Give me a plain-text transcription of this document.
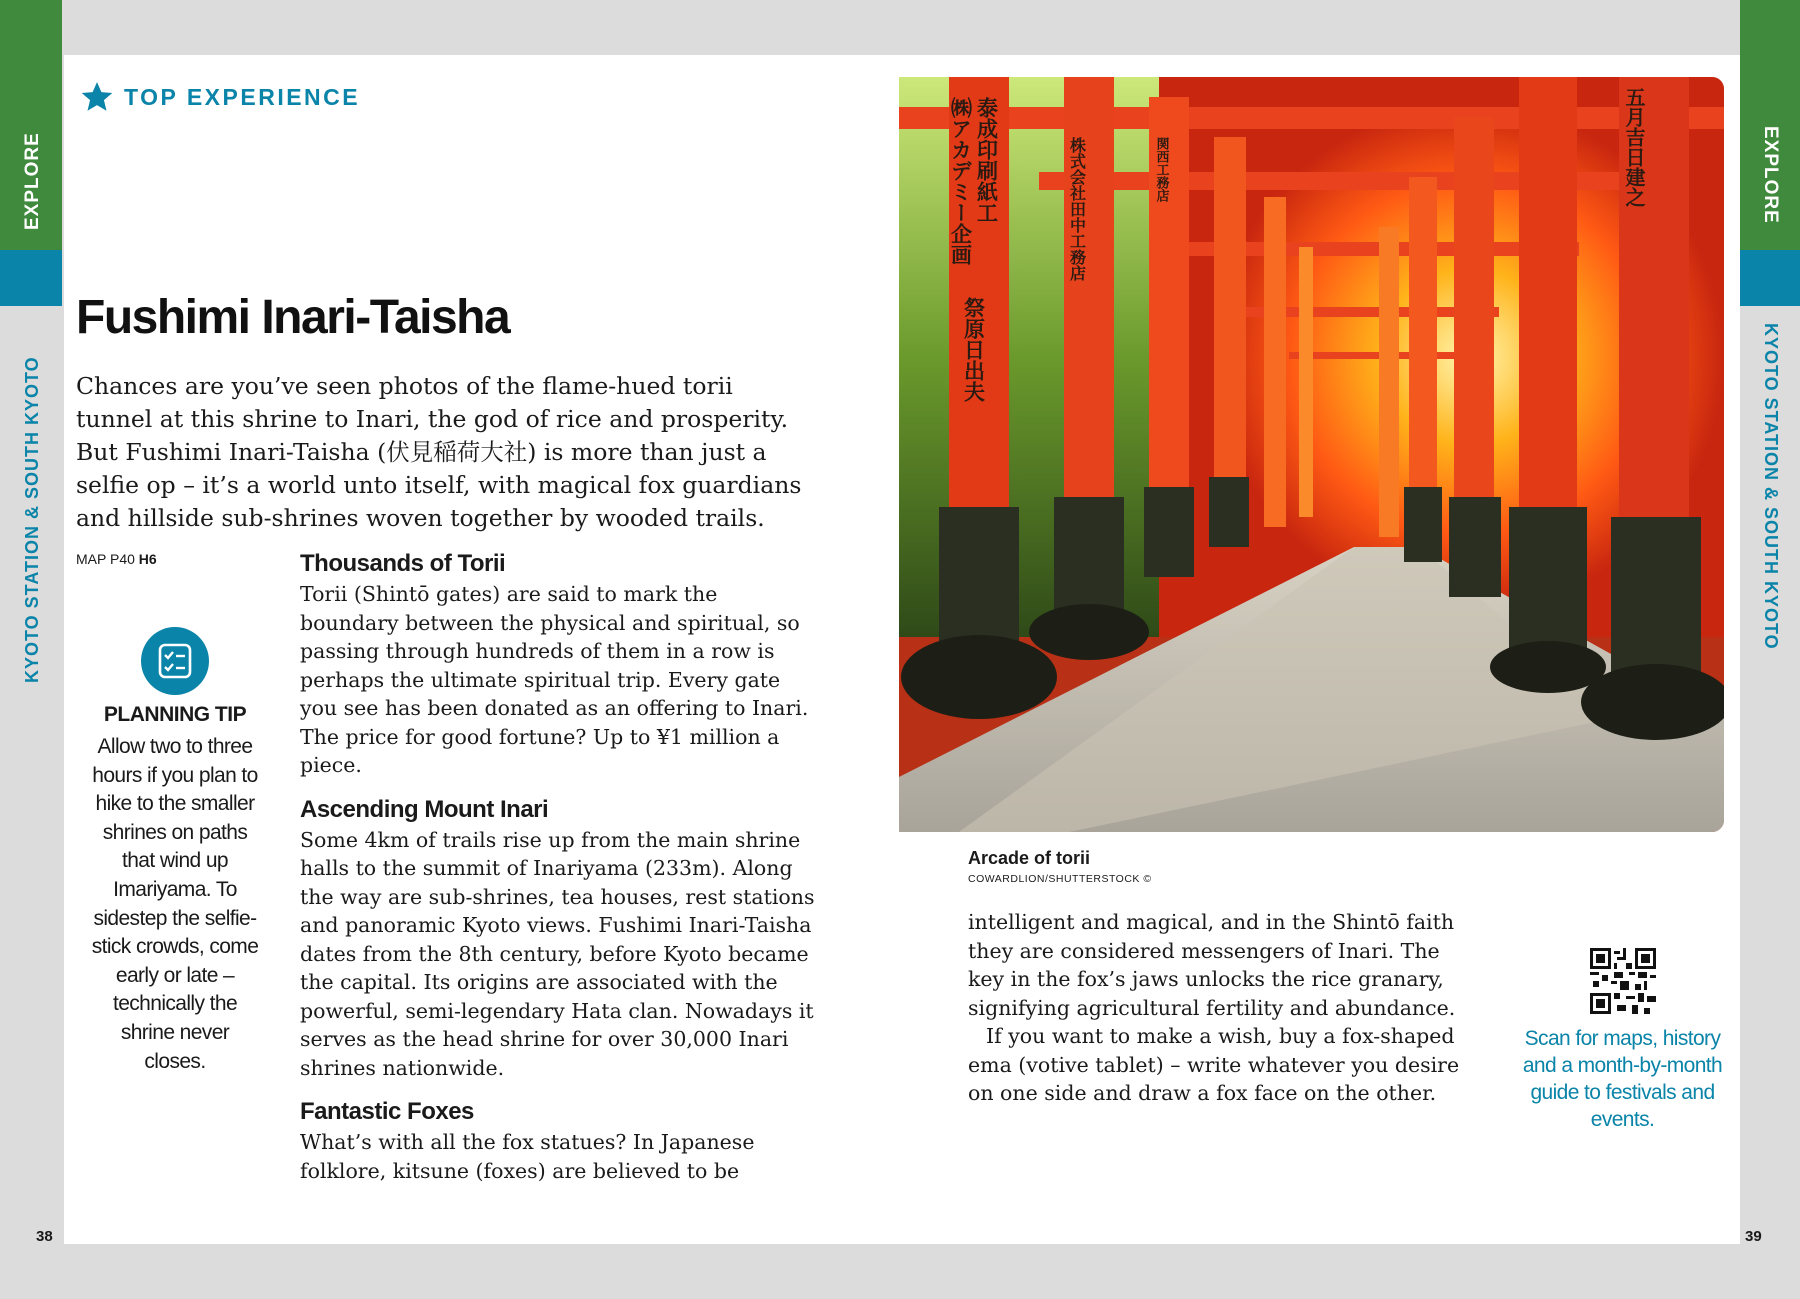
EXPLORE
KYOTO STATION & SOUTH KYOTO
EXPLORE
KYOTO STATION & SOUTH KYOTO
TOP EXPERIENCE
Fushimi Inari-Taisha

Chances are you’ve seen photos of the flame-hued torii tunnel at this shrine to Inari, the god of rice and prosperity. But Fushimi Inari-Taisha (伏見稲荷大社) is more than just a selfie op – it’s a world unto itself, with magical fox guardians and hillside sub-shrines woven together by wooded trails.

MAP P40 H6
PLANNING TIP
Allow two to three hours if you plan to hike to the smaller shrines on paths that wind up Imariyama. To sidestep the selfie-stick crowds, come early or late – technically the shrine never closes.
Thousands of Torii

Torii (Shintō gates) are said to mark the boundary between the physical and spiritual, so passing through hundreds of them in a row is perhaps the ultimate spiritual trip. Every gate you see has been donated as an offering to Inari. The price for good fortune? Up to ¥1 million a piece.

Ascending Mount Inari

Some 4km of trails rise up from the main shrine halls to the summit of Inariyama (233m). Along the way are sub-shrines, tea houses, rest stations and panoramic Kyoto views. Fushimi Inari-Taisha dates from the 8th century, before Kyoto became the capital. Its origins are associated with the powerful, semi-legendary Hata clan. Nowadays it serves as the head shrine for over 30,000 Inari shrines nationwide.

Fantastic Foxes

What’s with all the fox statues? In Japanese folklore, kitsune (foxes) are believed to be

㈱アカデミー企画 泰成印刷紙工
祭原日出夫
株式会社田中工務店	関西工務店	五月吉日建之
Arcade of torii
COWARDLION/SHUTTERSTOCK ©

intelligent and magical, and in the Shintō faith they are considered messengers of Inari. The key in the fox’s jaws unlocks the rice granary, signifying agricultural fertility and abundance.

If you want to make a wish, buy a fox-shaped ema (votive tablet) – write whatever you desire on one side and draw a fox face on the other.

Scan for maps, history and a month-by-month guide to festivals and events.
38	39
